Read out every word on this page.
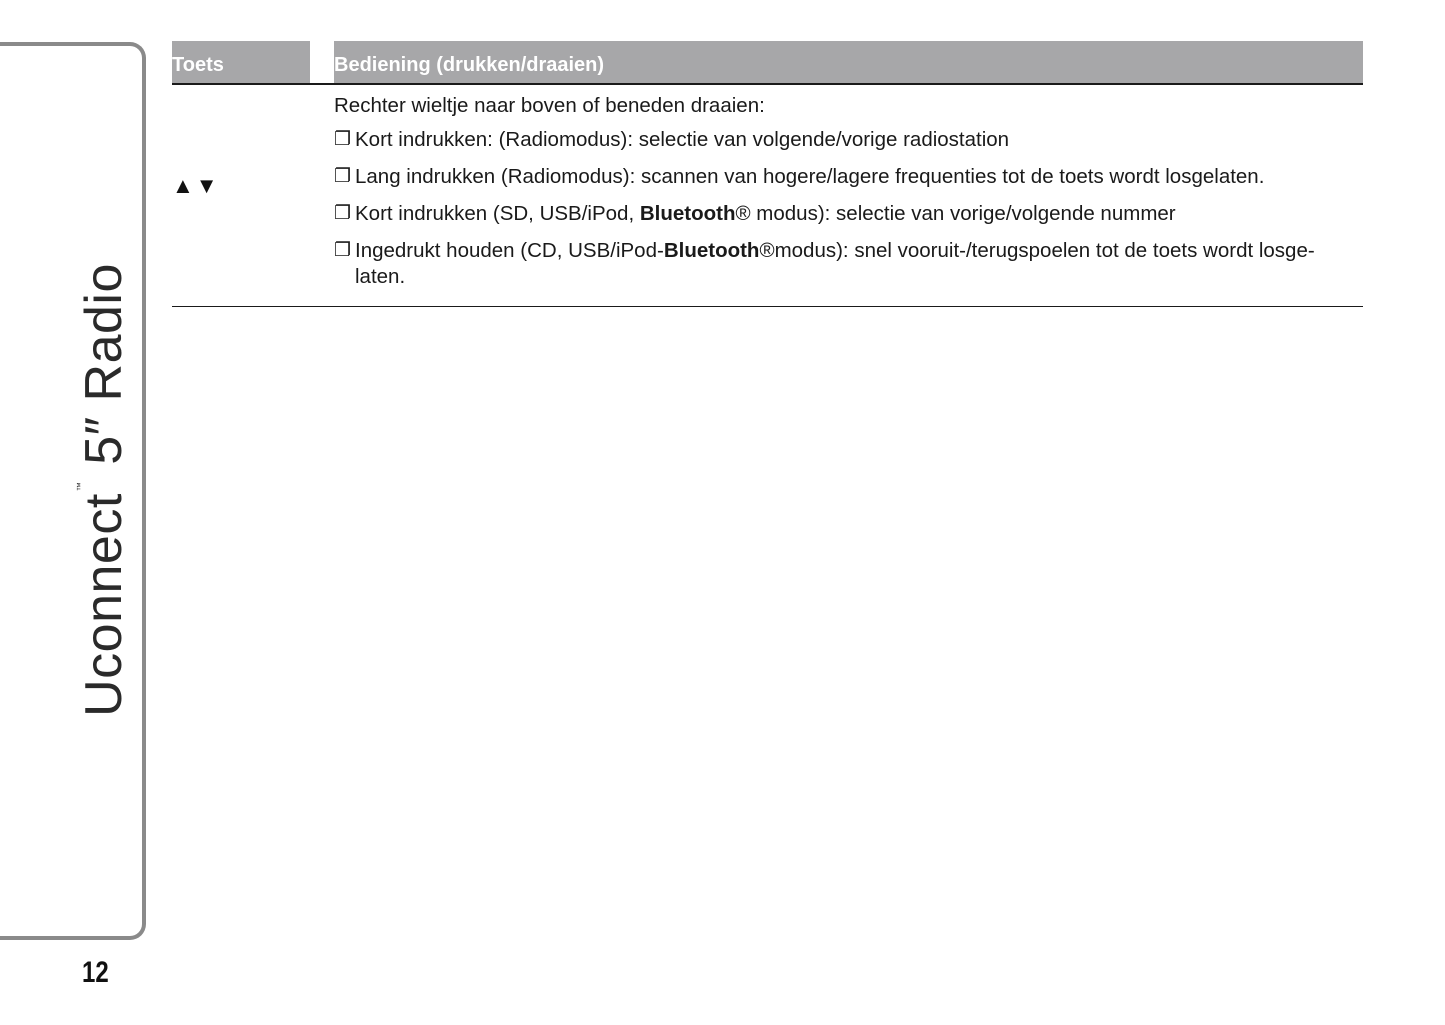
Uconnect™ 5″ Radio
12
Toets	Bediening (drukken/draaien)
▲▼
Rechter wieltje naar boven of beneden draaien:
❐ Kort indrukken: (Radiomodus): selectie van volgende/vorige radiostation
❐ Lang indrukken (Radiomodus): scannen van hogere/lagere frequenties tot de toets wordt losgelaten.
❐ Kort indrukken (SD, USB/iPod, Bluetooth® modus): selectie van vorige/volgende nummer
❐ Ingedrukt houden (CD, USB/iPod-Bluetooth®modus): snel vooruit-/terugspoelen tot de toets wordt losge-laten.
